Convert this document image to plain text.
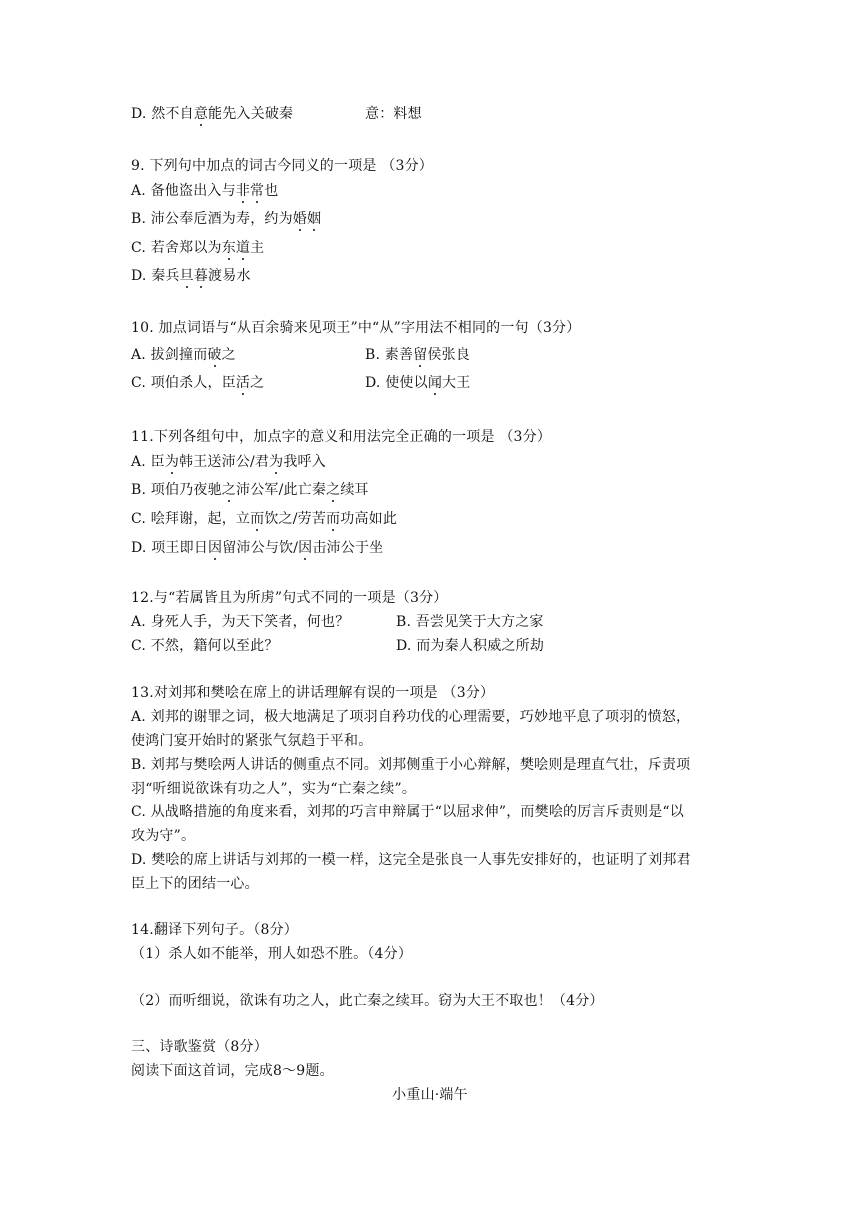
D. 然不自意能先入关破秦	意：料想
9. 下列句中加点的词古今同义的一项是 （3分）
A. 备他盗出入与非常也
B. 沛公奉卮酒为寿，约为婚姻
C. 若舍郑以为东道主
D. 秦兵旦暮渡易水
10. 加点词语与“从百余骑来见项王”中“从”字用法不相同的一句（3分）
A. 拔剑撞而破之	B. 素善留侯张良
C. 项伯杀人，臣活之	D. 使使以闻大王
11.下列各组句中，加点字的意义和用法完全正确的一项是 （3分）
A. 臣为韩王送沛公/君为我呼入
B. 项伯乃夜驰之沛公军/此亡秦之续耳
C. 哙拜谢，起，立而饮之/劳苦而功高如此
D. 项王即日因留沛公与饮/因击沛公于坐
12.与“若属皆且为所虏”句式不同的一项是（3分）
A. 身死人手，为天下笑者，何也？	B. 吾尝见笑于大方之家
C. 不然，籍何以至此？	D. 而为秦人积威之所劫
13.对刘邦和樊哙在席上的讲话理解有误的一项是 （3分）
A. 刘邦的谢罪之词，极大地满足了项羽自矜功伐的心理需要，巧妙地平息了项羽的愤怒，
使鸿门宴开始时的紧张气氛趋于平和。
B. 刘邦与樊哙两人讲话的侧重点不同。刘邦侧重于小心辩解，樊哙则是理直气壮，斥责项
羽“听细说欲诛有功之人”，实为“亡秦之续”。
C. 从战略措施的角度来看，刘邦的巧言申辩属于“以屈求伸”，而樊哙的厉言斥责则是“以
攻为守”。
D. 樊哙的席上讲话与刘邦的一模一样，这完全是张良一人事先安排好的，也证明了刘邦君
臣上下的团结一心。
14.翻译下列句子。（8分）
（1）杀人如不能举，刑人如恐不胜。（4分）
（2）而听细说，欲诛有功之人，此亡秦之续耳。窃为大王不取也！（4分）
三、诗歌鉴赏（8分）
阅读下面这首词，完成8～9题。
小重山·端午
